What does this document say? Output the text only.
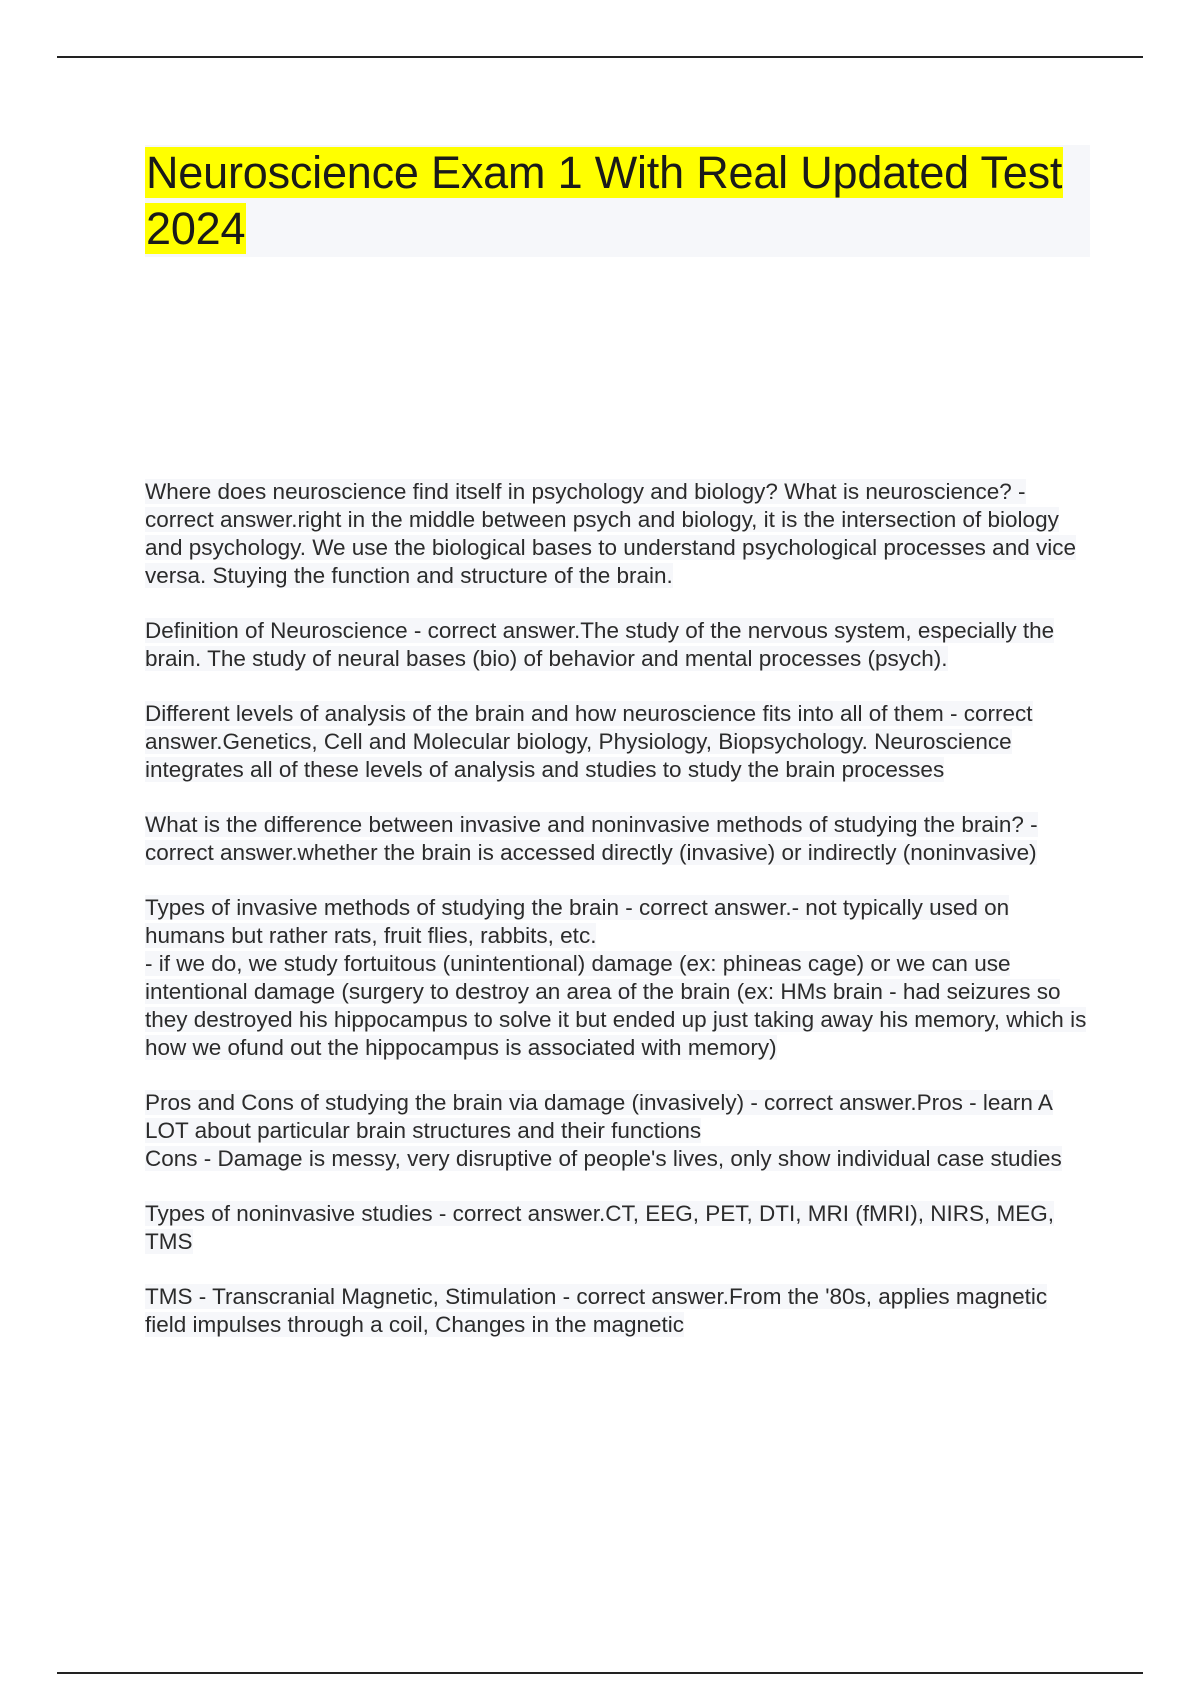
Neuroscience Exam 1 With Real Updated Test 2024

Where does neuroscience find itself in psychology and biology? What is neuroscience? - correct answer.right in the middle between psych and biology, it is the intersection of biology and psychology. We use the biological bases to understand psychological processes and vice versa. Stuying the function and structure of the brain.

Definition of Neuroscience - correct answer.The study of the nervous system, especially the brain. The study of neural bases (bio) of behavior and mental processes (psych).

Different levels of analysis of the brain and how neuroscience fits into all of them - correct answer.Genetics, Cell and Molecular biology, Physiology, Biopsychology. Neuroscience integrates all of these levels of analysis and studies to study the brain processes

What is the difference between invasive and noninvasive methods of studying the brain? - correct answer.whether the brain is accessed directly (invasive) or indirectly (noninvasive)

Types of invasive methods of studying the brain - correct answer.- not typically used on humans but rather rats, fruit flies, rabbits, etc.

- if we do, we study fortuitous (unintentional) damage (ex: phineas cage) or we can use intentional damage (surgery to destroy an area of the brain (ex: HMs brain - had seizures so they destroyed his hippocampus to solve it but ended up just taking away his memory, which is how we ofund out the hippocampus is associated with memory)

Pros and Cons of studying the brain via damage (invasively) - correct answer.Pros - learn A LOT about particular brain structures and their functions

Cons - Damage is messy, very disruptive of people's lives, only show individual case studies

Types of noninvasive studies - correct answer.CT, EEG, PET, DTI, MRI (fMRI), NIRS, MEG, TMS

TMS - Transcranial Magnetic, Stimulation - correct answer.From the '80s, applies magnetic field impulses through a coil, Changes in the magnetic
